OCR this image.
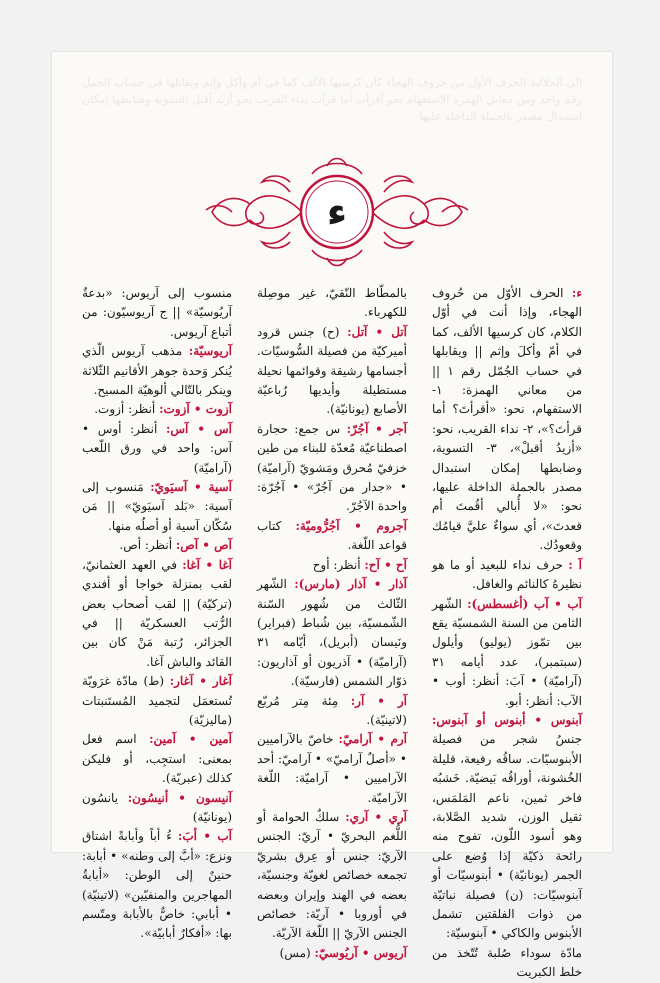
إلى الحلالية الحرف الأول من حروف الهجاء كان كرسيها الألف كما في أم وأكل وإثم ويقابلها في حساب الجمل رقم واحد ومن معاني الهمزة الاستفهام نحو أقرأت أما قرأت نداء القريب نحو أزيد أقبل التسوية وضابطها إمكان استبدال مصدر بالجملة الداخلة عليها
ء

ء: الحرف الأوّل من حُروف الهجاء، وإذا أنت في أوّل الكلام، كان كرسيها الألف، كما في أمّ وأكلَ وإثم || ويقابلها في حساب الجُمّل رقم ١ || من معاني الهمزة: ١- الاستفهام، نحو: «أقرأتَ؟ أما قرأتَ؟»، ٢- نداء القريب، نحو: «أزيدُ أقبلْ»، ٣- التسوية، وضابطها إمكان استبدال مصدر بالجملة الداخلة عليها، نحو: «لا أُبالي أقُمتَ أم قعدتَ»، أي سواءٌ عليَّ قيامُك وقعودُك.

آ : حرف نداء للبعيد أو ما هو نظيرهُ كالنائم والغافل.

آب • آب (أغسطس): الشّهر الثامن من السنة الشمسيّة يقع بين تمّوز (يوليو) وأيلول (سبتمبر)، عدد أيامه ٣١ (آراميّة) • آبَ: أنظر: أوب • الآب: أنظر: أبو.

آبنوس • أبنوس أو آبنوس: جنسُ شجر من فصيلة الأبنوسيّات. ساقُه رفيعة، قليلة الخُشونة، أوراقُه بَيضيّة. خَشبُه فاخر ثمين، ناعم المَلمَس، ثقيل الوزن، شديد الصَّلابة، وهو أسود اللّون، تفوح منه رائحة ذكيّة إذا وُضع على الجمر (يونانيّة) • أبنوسيّات أو آبنوسيّات: (ن) فصيلة نباتيّة من ذوات الفلقتين تشمل الأبنوس والكاكي • آبنوسيّة:

مادّة سوداء صُلبة تُتّخذ من خلط الكبريت

بالمطّاط النّقيّ، غير موصِلة للكهرباء.

آتل • آتل: (ح) جنس قرود أميركيّة من فصيلة السُّوسيّات. أجسامها رشيقة وقوائمها نحيلة مستطيلة وأيديها رُباعيّة الأصابع (يونانيّة).

آجر • آجُرّ: س جمع: حجارة اصطناعيّة مُعدّة للبناء من طين خزفيّ مُحرق ومَشويّ (آراميّة) • «جدار من آجُرّ» • آجُرّة: واحدة الآجُرّ.

آجروم • آجُرُّوميّة: كتاب قواعد اللّغة.

آح • آح: أنظر: أوح

آذار • آذار (مارس): الشّهر الثّالث من شُهور السّنة الشّمسيّة، بين شُباط (فبراير) ونَيسان (أبريل)، أيّامه ٣١ (آراميّة) • آذريون أو آذاريون: ذوّار الشمس (فارسيّة).

آر • آر: مِئة مِتر مُربّع (لاتينيّة).

آرم • آراميّ: خاصّ بالآراميين • «أصلٌ آراميّ» • آراميّ: أحد الآراميين • آراميّة: اللّغة الآراميّة.

آري • آري: سلكٌ الحوامة أو اللُّغم البحريّ • آريّ: الجنس الآريّ: جنس أو عِرق بشريّ تجمعه خصائص لغويّة وجنسيّة، بعضه في الهند وإيران وبعضه في أوروبا • آريّة: خصائص الجنس الآريّ || اللّغة الآريّة.

آريوس • آريُوسيّ: (مس)

منسوب إلى آريوس: «بدعةٌ آريُوسيّة» || ج آريوسيّون: من أتباع آريوس.

آريوسيّة: مذهب آريوس الّذي يُنكر وَحدة جوهر الأقانيم الثّلاثة وينكر بالتّالي ألوهيّة المسيح.

آزوت • آزوت: أنظر: أزوت.

آس • آس: أنظر: أوس • آس: واحد في ورق اللّعب (آراميّة)

آسية • آسيَويّ: مَنسوب إلى آسية: «بَلد آسيَويّ» || مَن سُكّان آسية أو أصلُه منها.

آص • آص: أنظر: أص.

آغا • آغا: في العهد العثمانيّ، لقب بمنزلة خواجا أو أفندي (تركيّة) || لقب أصحاب بعض الرُّتب العسكريّة || في الجزائر، رُتبة مَنْ كان بين القائد والباش آغا.

آغار • آغار: (ط) مادّة غرَويّة تُستعمَل لتجميد المُستَنبتات (ماليزيّة)

آمين • آمين: اسم فعل بمعنى: استجِب، أو فليكن كذلك (عبريّة).

آنيسون • أنيسُون: يانسُون (يونانيّة)

آب • أبَ: ءُ أباً وأبابةً اشتاق ونزع: «أبَّ إلى وطنه» • أبابة: حنينٌ إلى الوطن: «أبابةُ المهاجرين والمنفيّين» (لاتينيّة) • أبابي: خاصٌّ بالأبابة ومتّسم بها: «أفكارٌ أبابيّة».
